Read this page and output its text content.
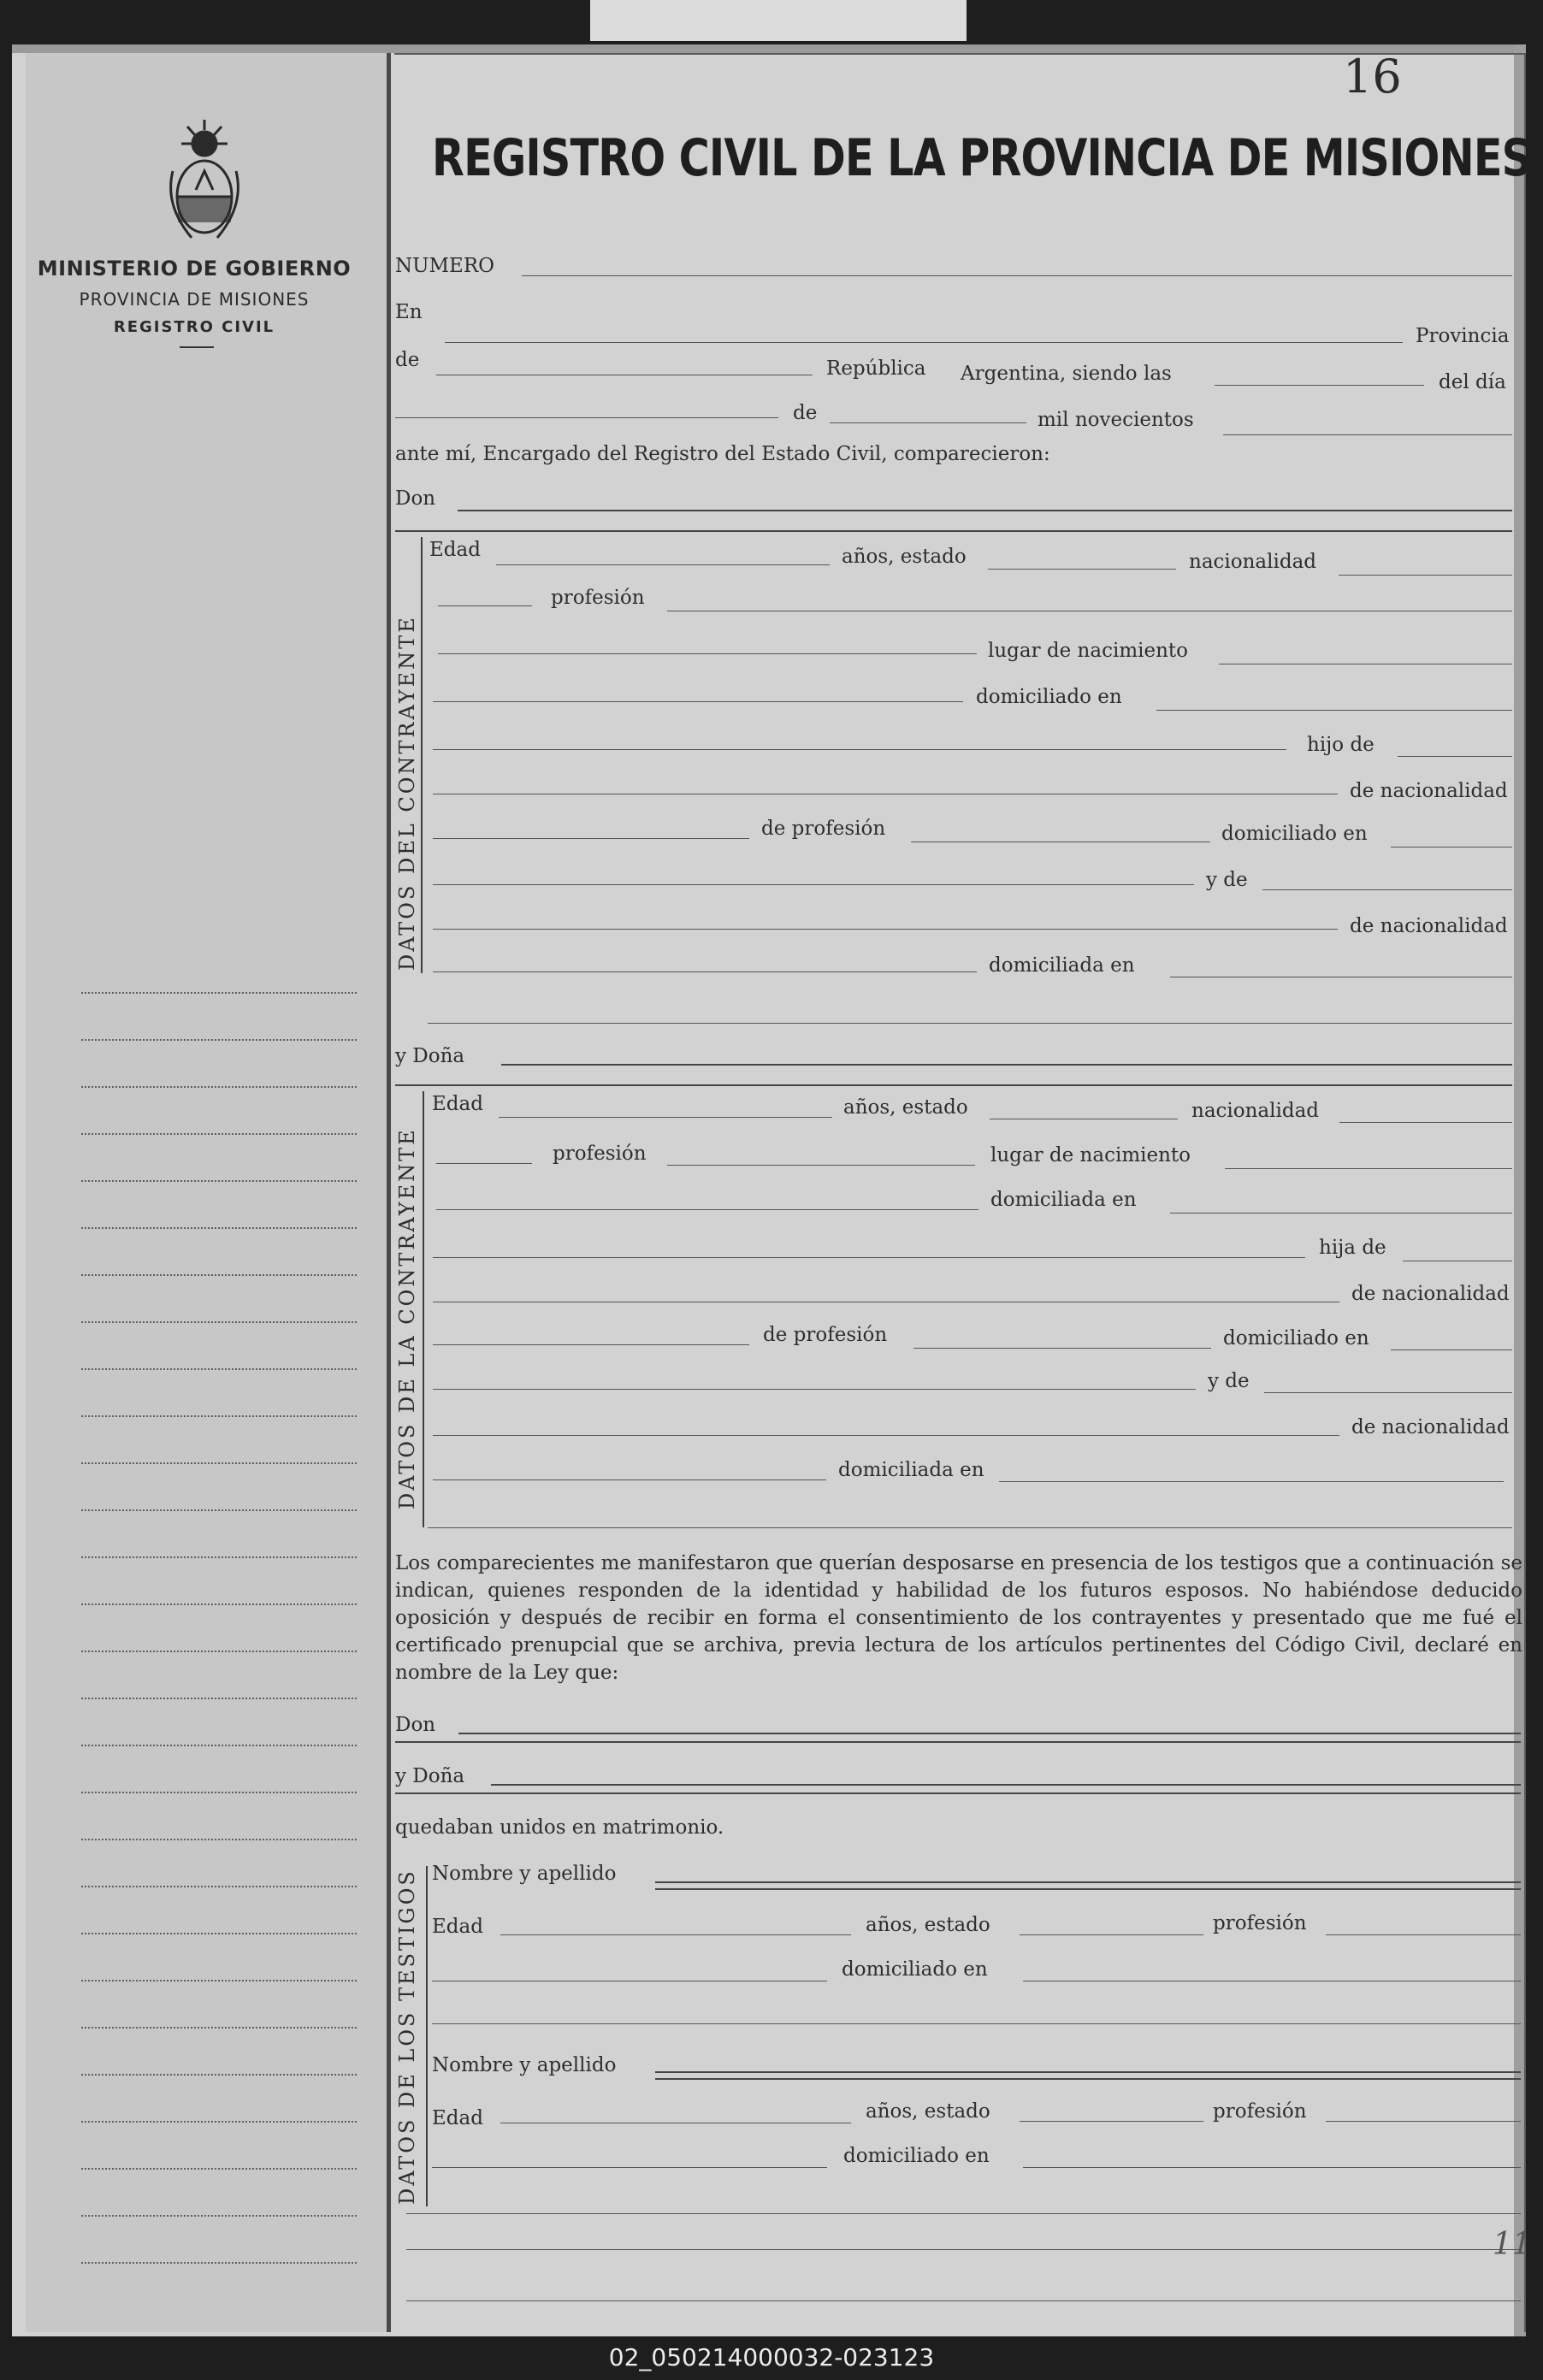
MINISTERIO DE GOBIERNO
PROVINCIA DE MISIONES
REGISTRO CIVIL
16
REGISTRO CIVIL DE LA PROVINCIA DE MISIONES
NUMERO
En
Provincia
de	República Argentina, siendo las	del día
de	mil novecientos
ante mí, Encargado del Registro del Estado Civil, comparecieron:
Don
DATOS DEL CONTRAYENTE
Edad	años, estado	nacionalidad
profesión
lugar de nacimiento
domiciliado en
hijo de
de nacionalidad
de profesión	domiciliado en
y de
de nacionalidad
domiciliada en
y Doña
DATOS DE LA CONTRAYENTE
Edad	años, estado	nacionalidad
profesión	lugar de nacimiento
domiciliada en
hija de
de nacionalidad
de profesión	domiciliado en
y de
de nacionalidad
domiciliada en
Los comparecientes me manifestaron que querían desposarse en presencia de los testigos que a continuación se indican, quienes responden de la identidad y habilidad de los futuros esposos. No habiéndose deducido oposición y después de recibir en forma el consentimiento de los contrayentes y presentado que me fué el certificado prenupcial que se archiva, previa lectura de los artículos pertinentes del Código Civil, declaré en nombre de la Ley que:
Don
y Doña
quedaban unidos en matrimonio.
DATOS DE LOS TESTIGOS Nombre y apellido
Edad	años, estado	profesión
domiciliado en
Nombre y apellido
Edad	años, estado	profesión
domiciliado en
11
02_050214000032-023123
